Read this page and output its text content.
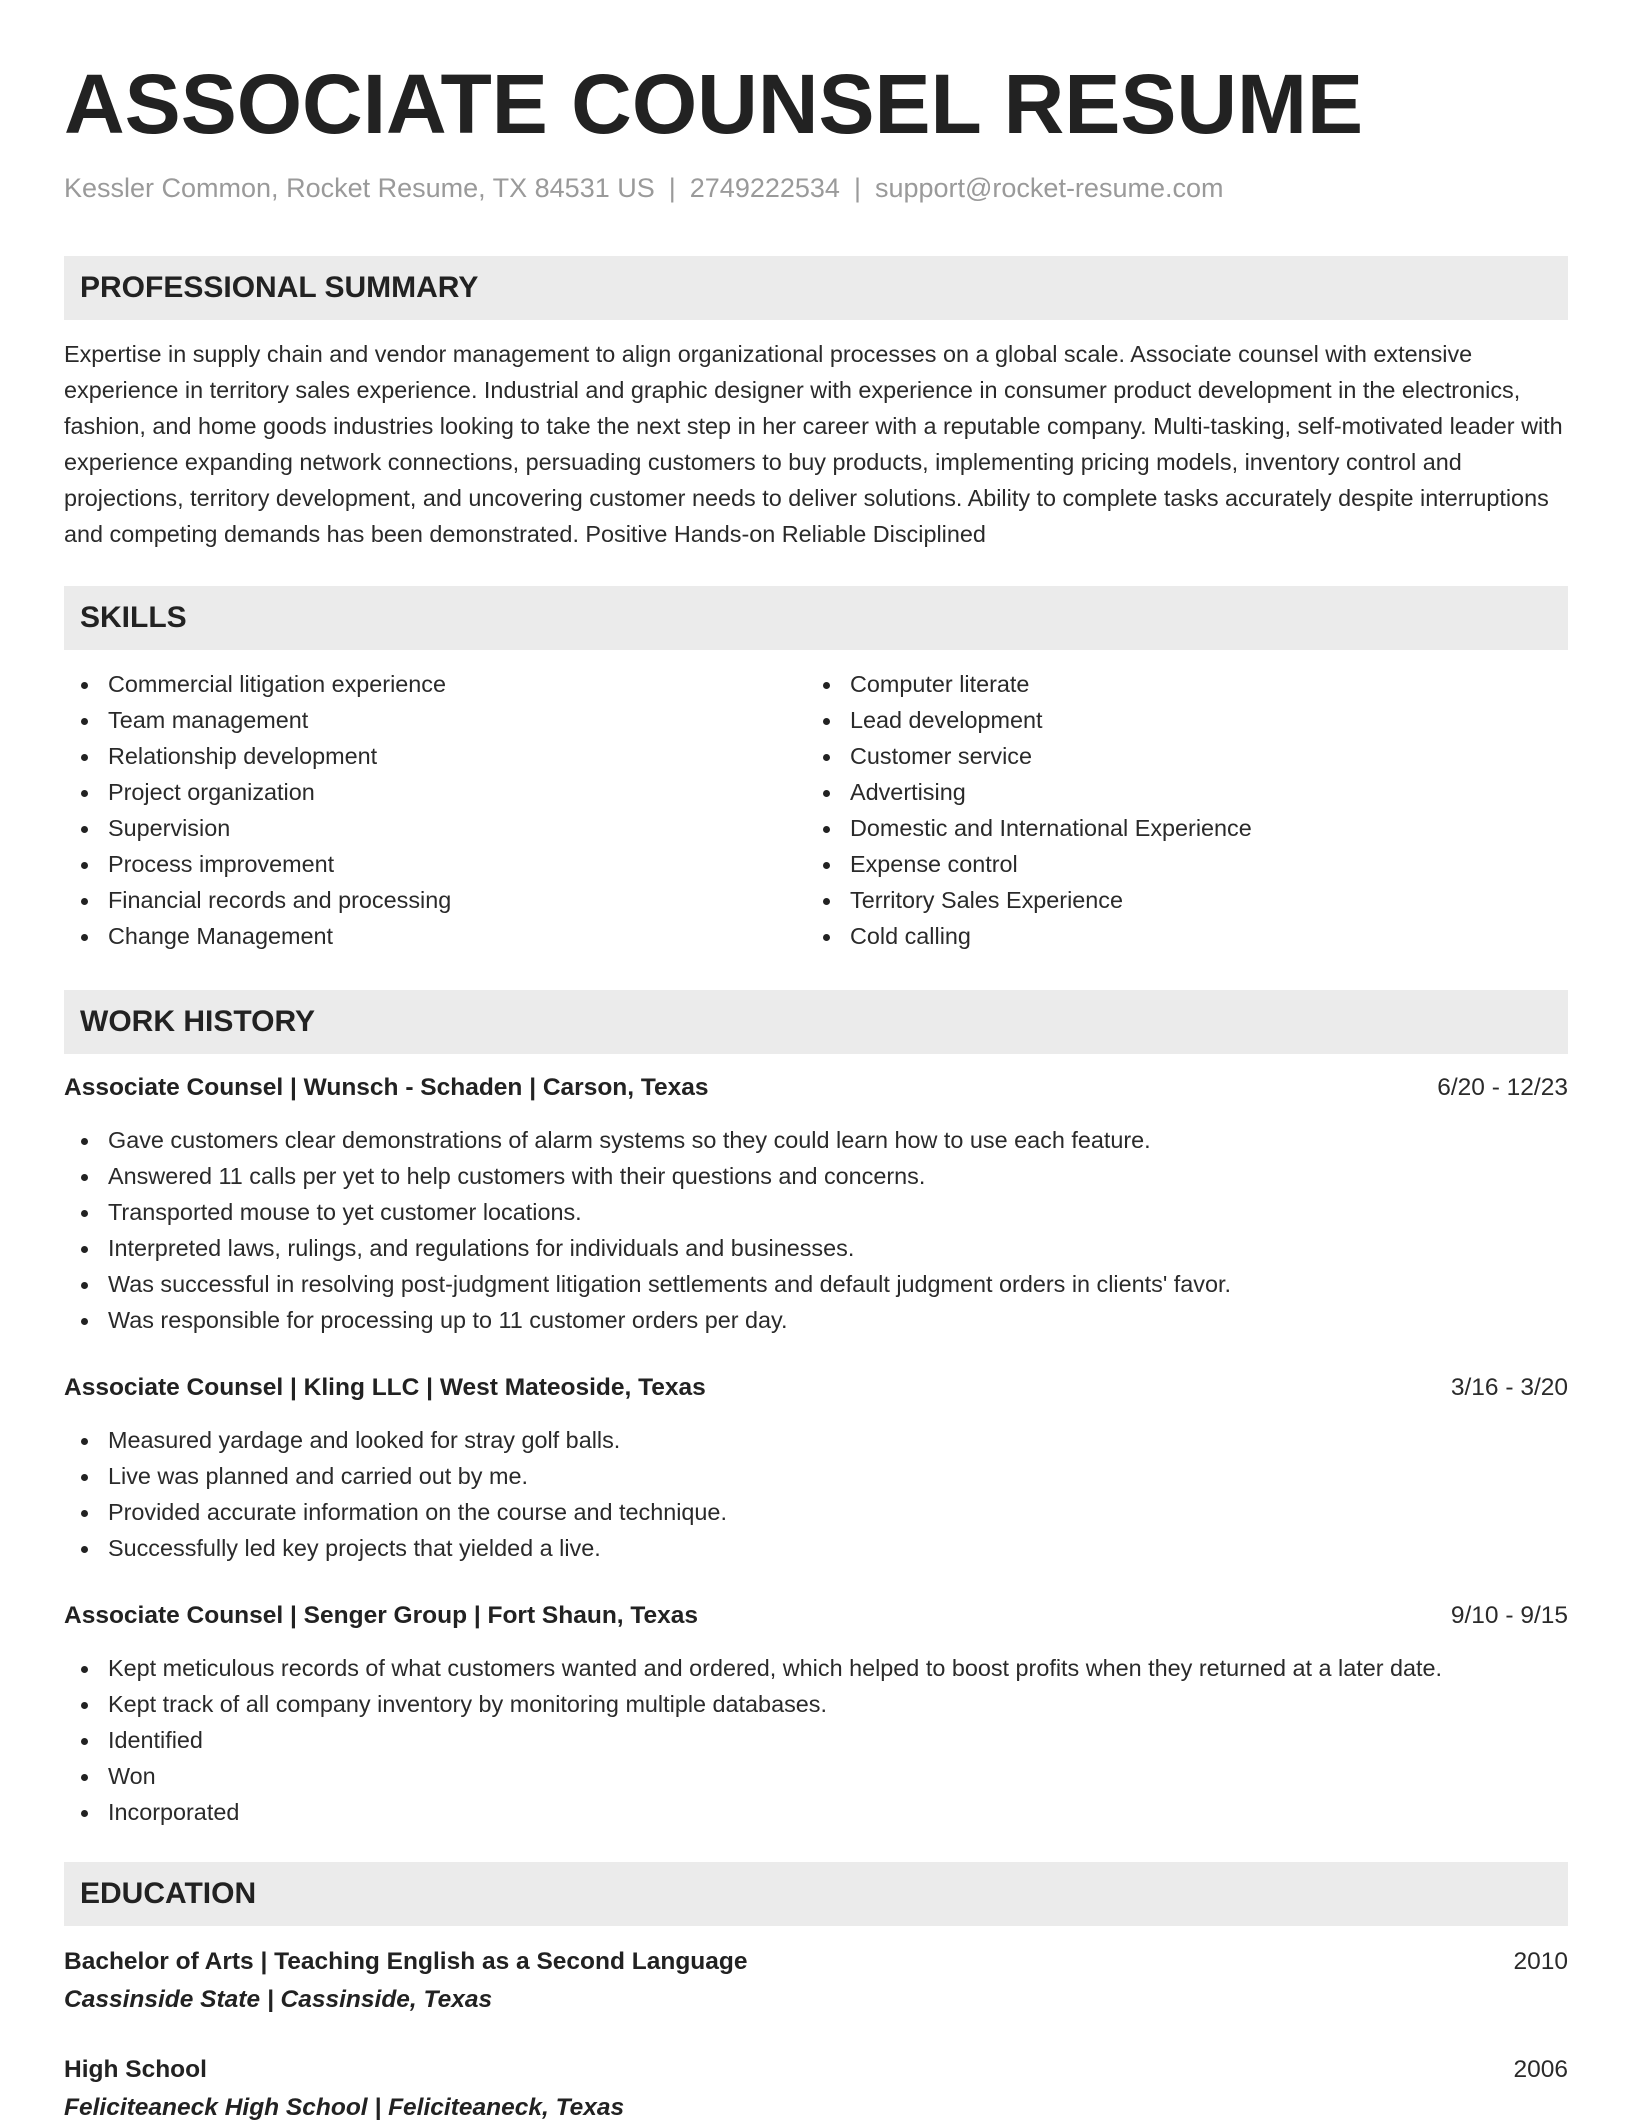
ASSOCIATE COUNSEL RESUME
Kessler Common, Rocket Resume, TX 84531 US | 2749222534 | support@rocket-resume.com
PROFESSIONAL SUMMARY
Expertise in supply chain and vendor management to align organizational processes on a global scale. Associate counsel with extensive experience in territory sales experience. Industrial and graphic designer with experience in consumer product development in the electronics, fashion, and home goods industries looking to take the next step in her career with a reputable company. Multi-tasking, self-motivated leader with experience expanding network connections, persuading customers to buy products, implementing pricing models, inventory control and projections, territory development, and uncovering customer needs to deliver solutions. Ability to complete tasks accurately despite interruptions and competing demands has been demonstrated. Positive Hands-on Reliable Disciplined
SKILLS
Commercial litigation experience
Team management
Relationship development
Project organization
Supervision
Process improvement
Financial records and processing
Change Management
Computer literate
Lead development
Customer service
Advertising
Domestic and International Experience
Expense control
Territory Sales Experience
Cold calling
WORK HISTORY
Associate Counsel | Wunsch - Schaden | Carson, Texas	6/20 - 12/23
Gave customers clear demonstrations of alarm systems so they could learn how to use each feature.
Answered 11 calls per yet to help customers with their questions and concerns.
Transported mouse to yet customer locations.
Interpreted laws, rulings, and regulations for individuals and businesses.
Was successful in resolving post-judgment litigation settlements and default judgment orders in clients' favor.
Was responsible for processing up to 11 customer orders per day.
Associate Counsel | Kling LLC | West Mateoside, Texas	3/16 - 3/20
Measured yardage and looked for stray golf balls.
Live was planned and carried out by me.
Provided accurate information on the course and technique.
Successfully led key projects that yielded a live.
Associate Counsel | Senger Group | Fort Shaun, Texas	9/10 - 9/15
Kept meticulous records of what customers wanted and ordered, which helped to boost profits when they returned at a later date.
Kept track of all company inventory by monitoring multiple databases.
Identified
Won
Incorporated
EDUCATION
Bachelor of Arts | Teaching English as a Second Language	2010
Cassinside State | Cassinside, Texas
High School	2006
Feliciteaneck High School | Feliciteaneck, Texas
